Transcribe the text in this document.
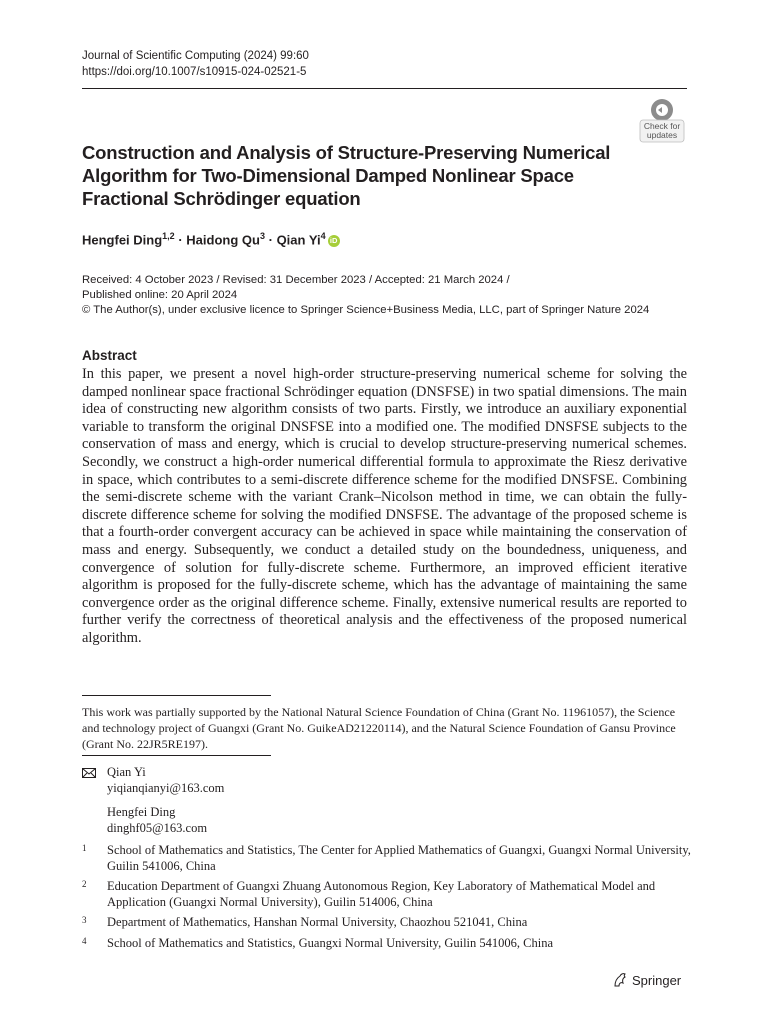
Journal of Scientific Computing (2024) 99:60
https://doi.org/10.1007/s10915-024-02521-5
Check for
updates
Construction and Analysis of Structure-Preserving Numerical Algorithm for Two-Dimensional Damped Nonlinear Space Fractional Schrödinger equation
Hengfei Ding$^{1,2}$ · Haidong $Qu^3$ · Qian Yi$^4$ iD
Received: 4 October 2023 / Revised: 31 December 2023 / Accepted: 21 March 2024 /
Published online: 20 April 2024
© The Author(s), under exclusive licence to Springer Science+Business Media, LLC, part of Springer Nature 2024
Abstract
In this paper, we present a novel high-order structure-preserving numerical scheme for solving the damped nonlinear space fractional Schrödinger equation (DNSFSE) in two spatial dimensions. The main idea of constructing new algorithm consists of two parts. Firstly, we introduce an auxiliary exponential variable to transform the original DNSFSE into a modified one. The modified DNSFSE subjects to the conservation of mass and energy, which is crucial to develop structure-preserving numerical schemes. Secondly, we construct a high-order numerical differential formula to approximate the Riesz derivative in space, which contributes to a semi-discrete difference scheme for the modified DNSFSE. Combining the semi-discrete scheme with the variant Crank–Nicolson method in time, we can obtain the fully-discrete difference scheme for solving the modified DNSFSE. The advantage of the proposed scheme is that a fourth-order convergent accuracy can be achieved in space while maintaining the conservation of mass and energy. Subsequently, we conduct a detailed study on the boundedness, uniqueness, and convergence of solution for fully-discrete scheme. Furthermore, an improved efficient iterative algorithm is proposed for the fully-discrete scheme, which has the advantage of maintaining the same convergence order as the original difference scheme. Finally, extensive numerical results are reported to further verify the correctness of theoretical analysis and the effectiveness of the proposed numerical algorithm.
This work was partially supported by the National Natural Science Foundation of China (Grant No. 11961057), the Science and technology project of Guangxi (Grant No. GuikeAD21220114), and the Natural Science Foundation of Gansu Province (Grant No. 22JR5RE197).
Qian Yi
yiqianqianyi@163.com
Hengfei Ding
dinghf05@163.com
1	School of Mathematics and Statistics, The Center for Applied Mathematics of Guangxi, Guangxi Normal University, Guilin 541006, China
2	Education Department of Guangxi Zhuang Autonomous Region, Key Laboratory of Mathematical Model and Application (Guangxi Normal University), Guilin 514006, China
3	Department of Mathematics, Hanshan Normal University, Chaozhou 521041, China
4	School of Mathematics and Statistics, Guangxi Normal University, Guilin 541006, China
Springer
